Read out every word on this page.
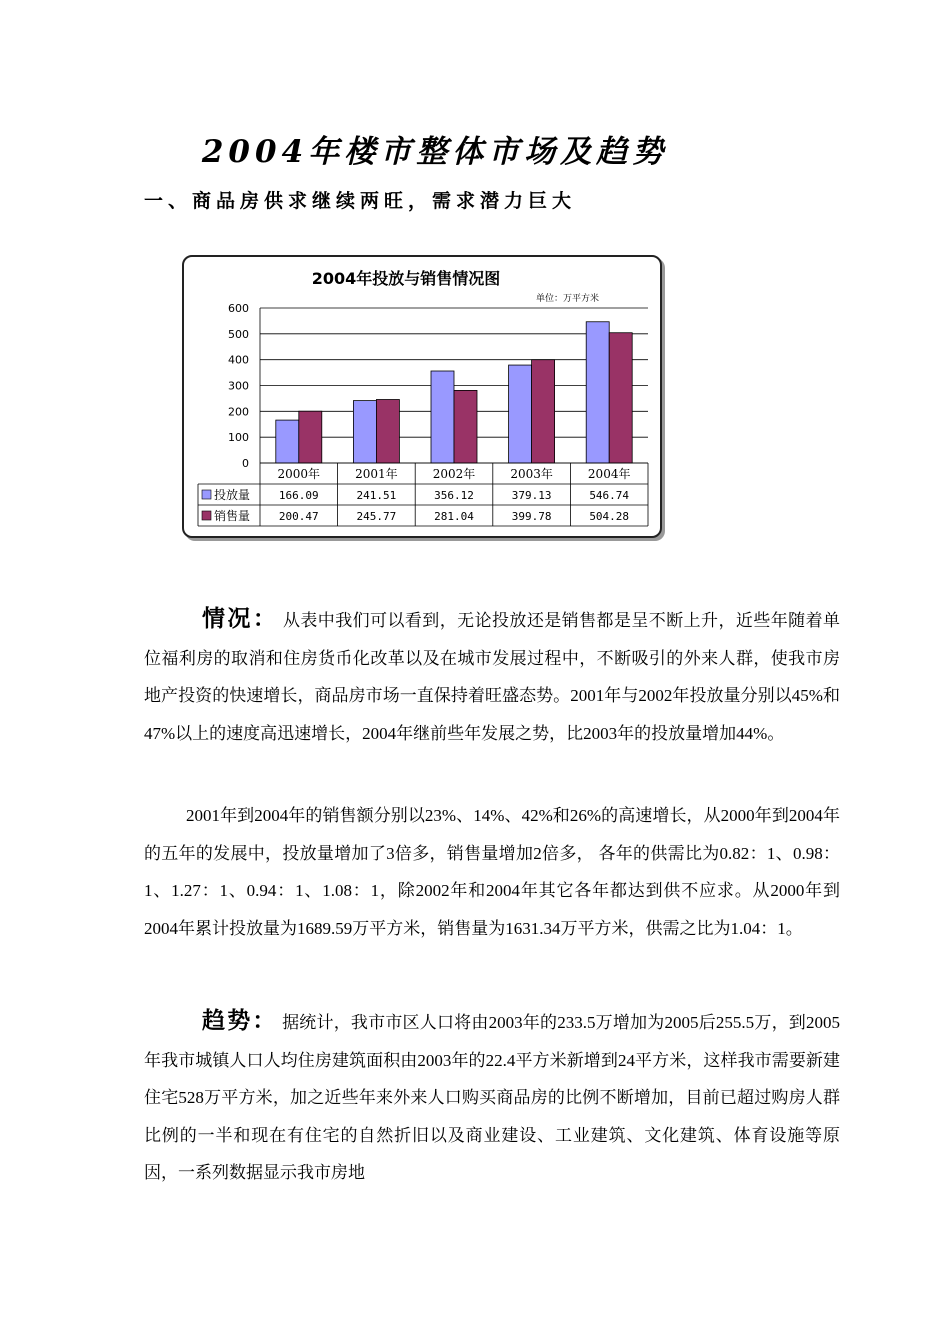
2004年楼市整体市场及趋势
一、商品房供求继续两旺，需求潜力巨大
2004年投放与销售情况图
单位：万平方米
0
100
200
300
400
500
600
2000年	2001年	2002年	2003年	2004年
投放量	166.09	241.51	356.12	379.13	546.74
销售量	200.47	245.77	281.04	399.78	504.28

情况： 从表中我们可以看到，无论投放还是销售都是呈不断上升，近些年随着单位福利房的取消和住房货币化改革以及在城市发展过程中，不断吸引的外来人群，使我市房地产投资的快速增长，商品房市场一直保持着旺盛态势。2001年与2002年投放量分别以45%和47%以上的速度高迅速增长，2004年继前些年发展之势，比2003年的投放量增加44%。

2001年到2004年的销售额分别以23%、14%、42%和26%的高速增长，从2000年到2004年的五年的发展中，投放量增加了3倍多，销售量增加2倍多， 各年的供需比为0.82：1、0.98：1、1.27：1、0.94：1、1.08：1，除2002年和2004年其它各年都达到供不应求。从2000年到2004年累计投放量为1689.59万平方米，销售量为1631.34万平方米，供需之比为1.04：1。

趋势： 据统计，我市市区人口将由2003年的233.5万增加为2005后255.5万，到2005年我市城镇人口人均住房建筑面积由2003年的22.4平方米新增到24平方米，这样我市需要新建住宅528万平方米，加之近些年来外来人口购买商品房的比例不断增加，目前已超过购房人群比例的一半和现在有住宅的自然折旧以及商业建设、工业建筑、文化建筑、体育设施等原因，一系列数据显示我市房地
